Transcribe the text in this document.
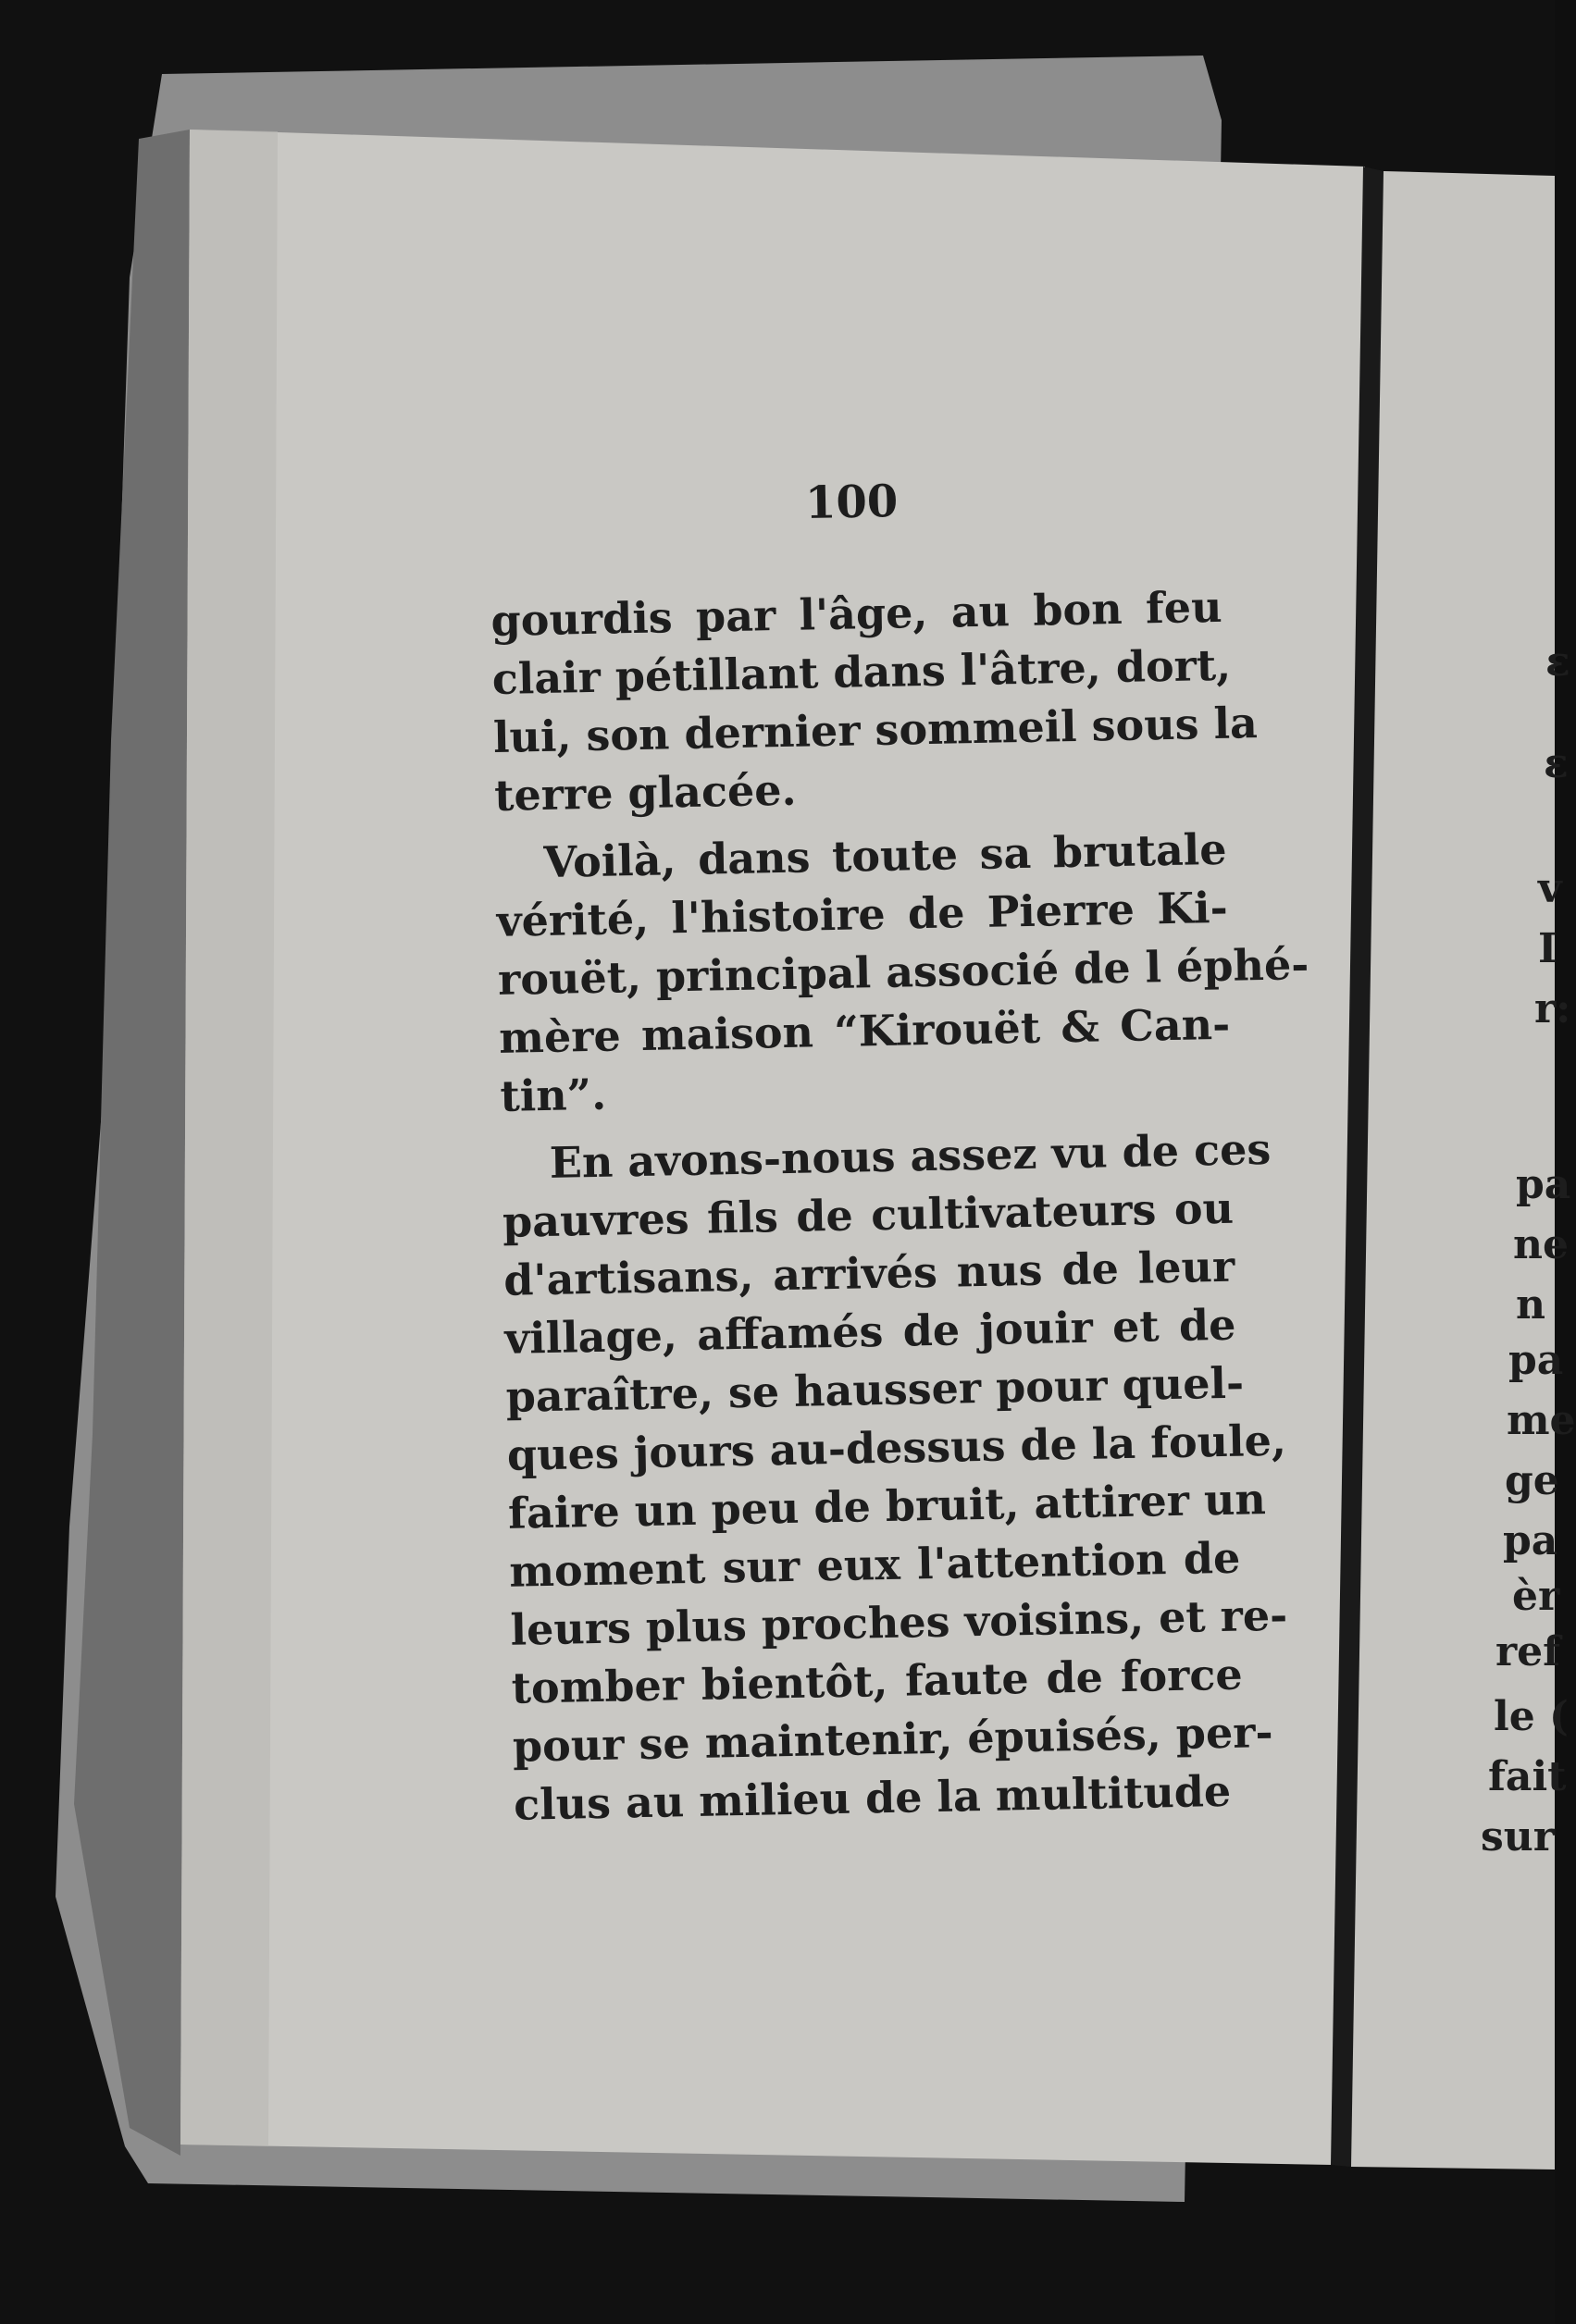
100
gourdis par l'âge, au bon feu
clair pétillant dans l'âtre, dort,
lui, son dernier sommeil sous la
terre glacée.
Voilà, dans toute sa brutale
vérité, l'histoire de Pierre Ki-
rouët, principal associé de l éphé-
mère maison “Kirouët & Can-
tin”.
En avons-nous assez vu de ces
pauvres fils de cultivateurs ou
d'artisans, arrivés nus de leur
village, affamés de jouir et de
paraître, se hausser pour quel-
ques jours au-dessus de la foule,
faire un peu de bruit, attirer un
moment sur eux l'attention de
leurs plus proches voisins, et re-
tomber bientôt, faute de force
pour se maintenir, épuisés, per-
clus au milieu de la multitude
ε
ε
v
I
r:
pa
ne
n
pa
me
ge
pa
èr
ref
le (
fait
sur
